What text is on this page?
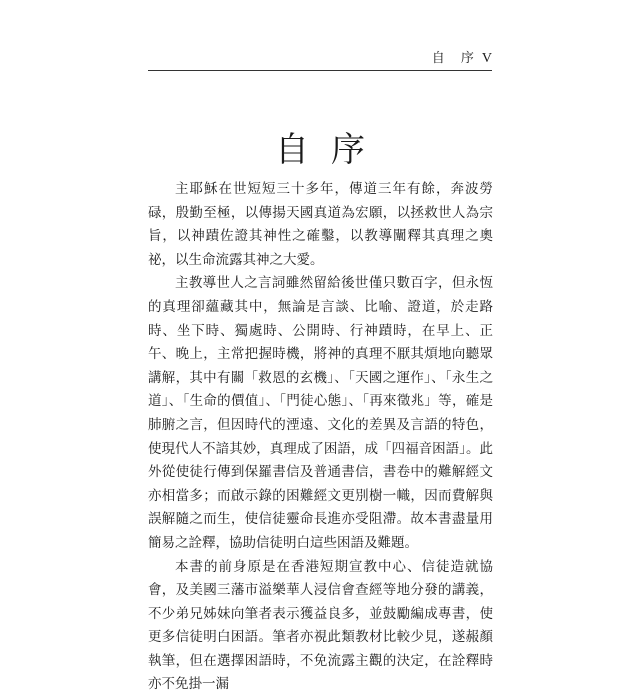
自 序 V
自序

主耶穌在世短短三十多年，傳道三年有餘，奔波勞碌，殷勤至極，以傳揚天國真道為宏願，以拯救世人為宗旨，以神蹟佐證其神性之確鑿，以教導闡釋其真理之奧祕，以生命流露其神之大愛。

主教導世人之言詞雖然留給後世僅只數百字，但永恆的真理卻蘊藏其中，無論是言談、比喻、證道，於走路時、坐下時、獨處時、公開時、行神蹟時，在早上、正午、晚上，主常把握時機，將神的真理不厭其煩地向聽眾講解，其中有關「救恩的玄機」、「天國之運作」、「永生之道」、「生命的價值」、「門徒心態」、「再來徵兆」等，確是肺腑之言，但因時代的湮遠、文化的差異及言語的特色，使現代人不諳其妙，真理成了困語，成「四福音困語」。此外從使徒行傳到保羅書信及普通書信，書卷中的難解經文亦相當多；而啟示錄的困難經文更別樹一幟，因而費解與誤解隨之而生，使信徒靈命長進亦受阻滯。故本書盡量用簡易之詮釋，協助信徒明白這些困語及難題。

本書的前身原是在香港短期宣教中心、信徒造就協會，及美國三藩市溢樂華人浸信會查經等地分發的講義，不少弟兄姊妹向筆者表示獲益良多，並鼓勵編成專書，使更多信徒明白困語。筆者亦視此類教材比較少見，遂赧顏執筆，但在選擇困語時，不免流露主觀的決定，在詮釋時亦不免掛一漏
